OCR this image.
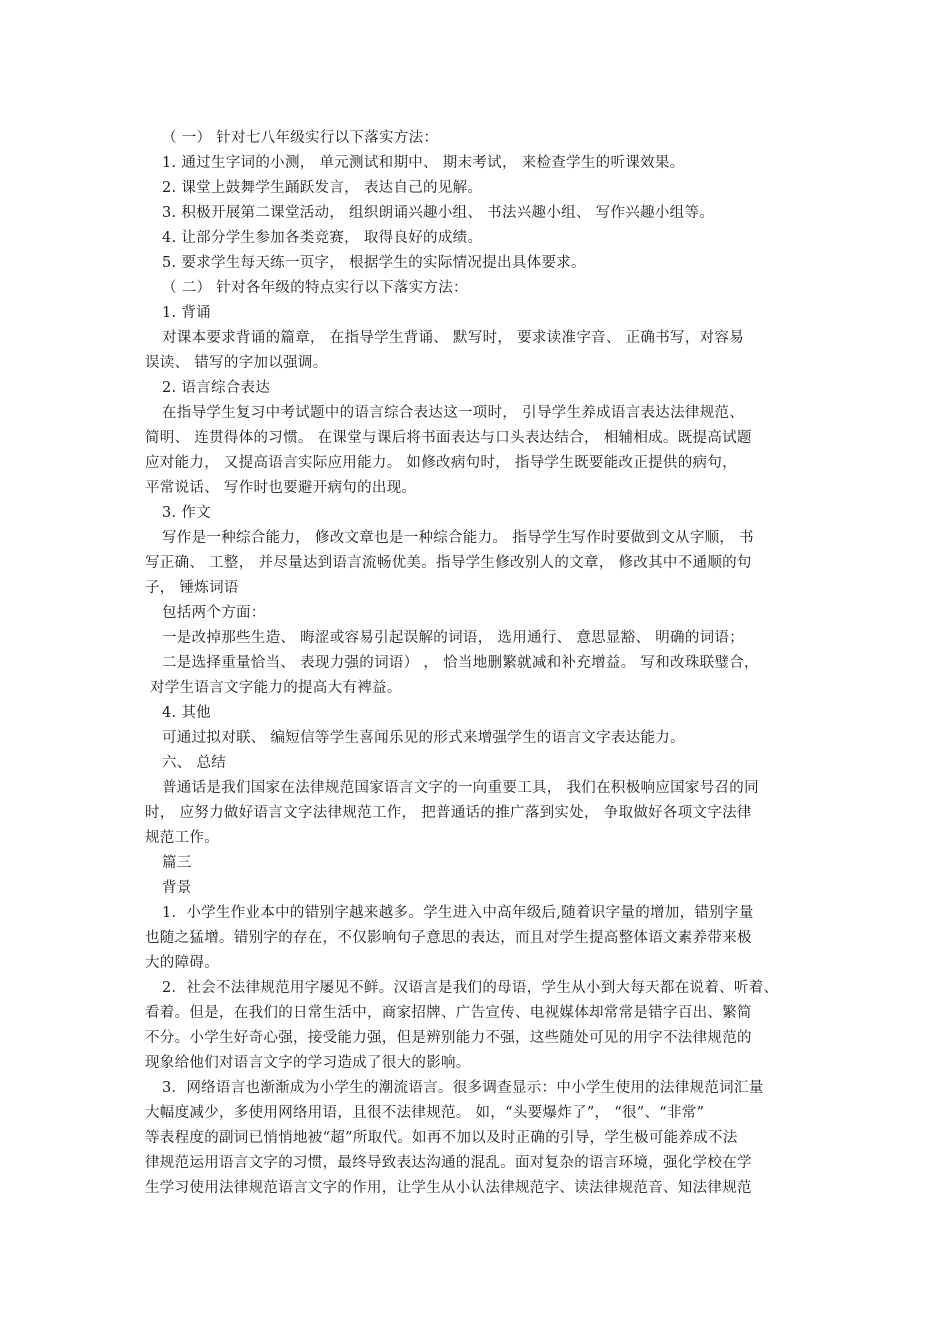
（ 一） 针对七八年级实行以下落实方法：
1. 通过生字词的小测， 单元测试和期中、 期末考试， 来检查学生的听课效果。
2. 课堂上鼓舞学生踊跃发言， 表达自己的见解。
3. 积极开展第二课堂活动， 组织朗诵兴趣小组、 书法兴趣小组、 写作兴趣小组等。
4. 让部分学生参加各类竞赛， 取得良好的成绩。
5. 要求学生每天练一页字， 根据学生的实际情况提出具体要求。
（ 二） 针对各年级的特点实行以下落实方法：
1. 背诵
对课本要求背诵的篇章， 在指导学生背诵、 默写时， 要求读准字音、 正确书写，对容易
误读、 错写的字加以强调。
2. 语言综合表达
在指导学生复习中考试题中的语言综合表达这一项时， 引导学生养成语言表达法律规范、
简明、 连贯得体的习惯。 在课堂与课后将书面表达与口头表达结合， 相辅相成。既提高试题
应对能力， 又提高语言实际应用能力。 如修改病句时， 指导学生既要能改正提供的病句，
平常说话、 写作时也要避开病句的出现。
3. 作文
写作是一种综合能力， 修改文章也是一种综合能力。 指导学生写作时要做到文从字顺， 书
写正确、 工整， 并尽量达到语言流畅优美。指导学生修改别人的文章， 修改其中不通顺的句
子， 锤炼词语
包括两个方面：
一是改掉那些生造、 晦涩或容易引起误解的词语， 选用通行、 意思显豁、 明确的词语；
二是选择重量恰当、 表现力强的词语） ， 恰当地删繁就减和补充增益。 写和改珠联璧合，
对学生语言文字能力的提高大有裨益。
4. 其他
可通过拟对联、 编短信等学生喜闻乐见的形式来增强学生的语言文字表达能力。
六、 总结
普通话是我们国家在法律规范国家语言文字的一向重要工具， 我们在积极响应国家号召的同
时， 应努力做好语言文字法律规范工作， 把普通话的推广落到实处， 争取做好各项文字法律
规范工作。
篇三
背景
1．小学生作业本中的错别字越来越多。学生进入中高年级后,随着识字量的增加，错别字量
也随之猛增。错别字的存在，不仅影响句子意思的表达，而且对学生提高整体语文素养带来极
大的障碍。
2．社会不法律规范用字屡见不鲜。汉语言是我们的母语，学生从小到大每天都在说着、听着、
看着。但是，在我们的日常生活中，商家招牌、广告宣传、电视媒体却常常是错字百出、繁简
不分。小学生好奇心强，接受能力强，但是辨别能力不强，这些随处可见的用字不法律规范的
现象给他们对语言文字的学习造成了很大的影响。
3．网络语言也渐渐成为小学生的潮流语言。很多调查显示：中小学生使用的法律规范词汇量
大幅度减少，多使用网络用语，且很不法律规范。 如，“头要爆炸了”， “很”、“非常”
等表程度的副词已悄悄地被“超”所取代。如再不加以及时正确的引导，学生极可能养成不法
律规范运用语言文字的习惯，最终导致表达沟通的混乱。面对复杂的语言环境，强化学校在学
生学习使用法律规范语言文字的作用，让学生从小认法律规范字、读法律规范音、知法律规范
